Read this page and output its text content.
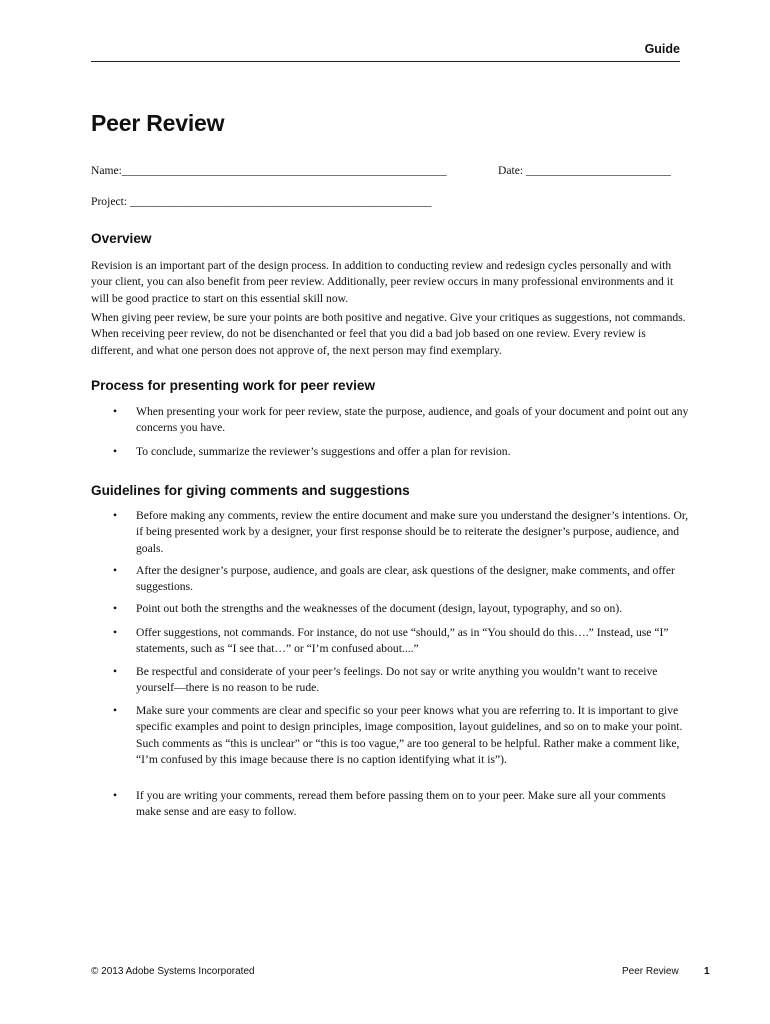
Guide
Peer Review
Name:________________________________________________________	Date: _________________________
Project: ____________________________________________________
Overview

Revision is an important part of the design process. In addition to conducting review and redesign cycles personally and with your client, you can also benefit from peer review. Additionally, peer review occurs in many professional environments and it will be good practice to start on this essential skill now.

When giving peer review, be sure your points are both positive and negative. Give your critiques as suggestions, not commands. When receiving peer review, do not be disenchanted or feel that you did a bad job based on one review. Every review is different, and what one person does not approve of, the next person may find exemplary.

Process for presenting work for peer review
• When presenting your work for peer review, state the purpose, audience, and goals of your document and point out any concerns you have.
• To conclude, summarize the reviewer’s suggestions and offer a plan for revision.
Guidelines for giving comments and suggestions
• Before making any comments, review the entire document and make sure you understand the designer’s intentions. Or, if being presented work by a designer, your first response should be to reiterate the designer’s purpose, audience, and goals.
• After the designer’s purpose, audience, and goals are clear, ask questions of the designer, make comments, and offer suggestions.
• Point out both the strengths and the weaknesses of the document (design, layout, typography, and so on).
• Offer suggestions, not commands. For instance, do not use “should,” as in “You should do this….” Instead, use “I” statements, such as “I see that…” or “I’m confused about....”
• Be respectful and considerate of your peer’s feelings. Do not say or write anything you wouldn’t want to receive yourself—there is no reason to be rude.
• Make sure your comments are clear and specific so your peer knows what you are referring to. It is important to give specific examples and point to design principles, image composition, layout guidelines, and so on to make your point. Such comments as “this is unclear” or “this is too vague,” are too general to be helpful. Rather make a comment like, “I’m confused by this image because there is no caption identifying what it is”).
• If you are writing your comments, reread them before passing them on to your peer. Make sure all your comments make sense and are easy to follow.
© 2013 Adobe Systems Incorporated	Peer Review	1
